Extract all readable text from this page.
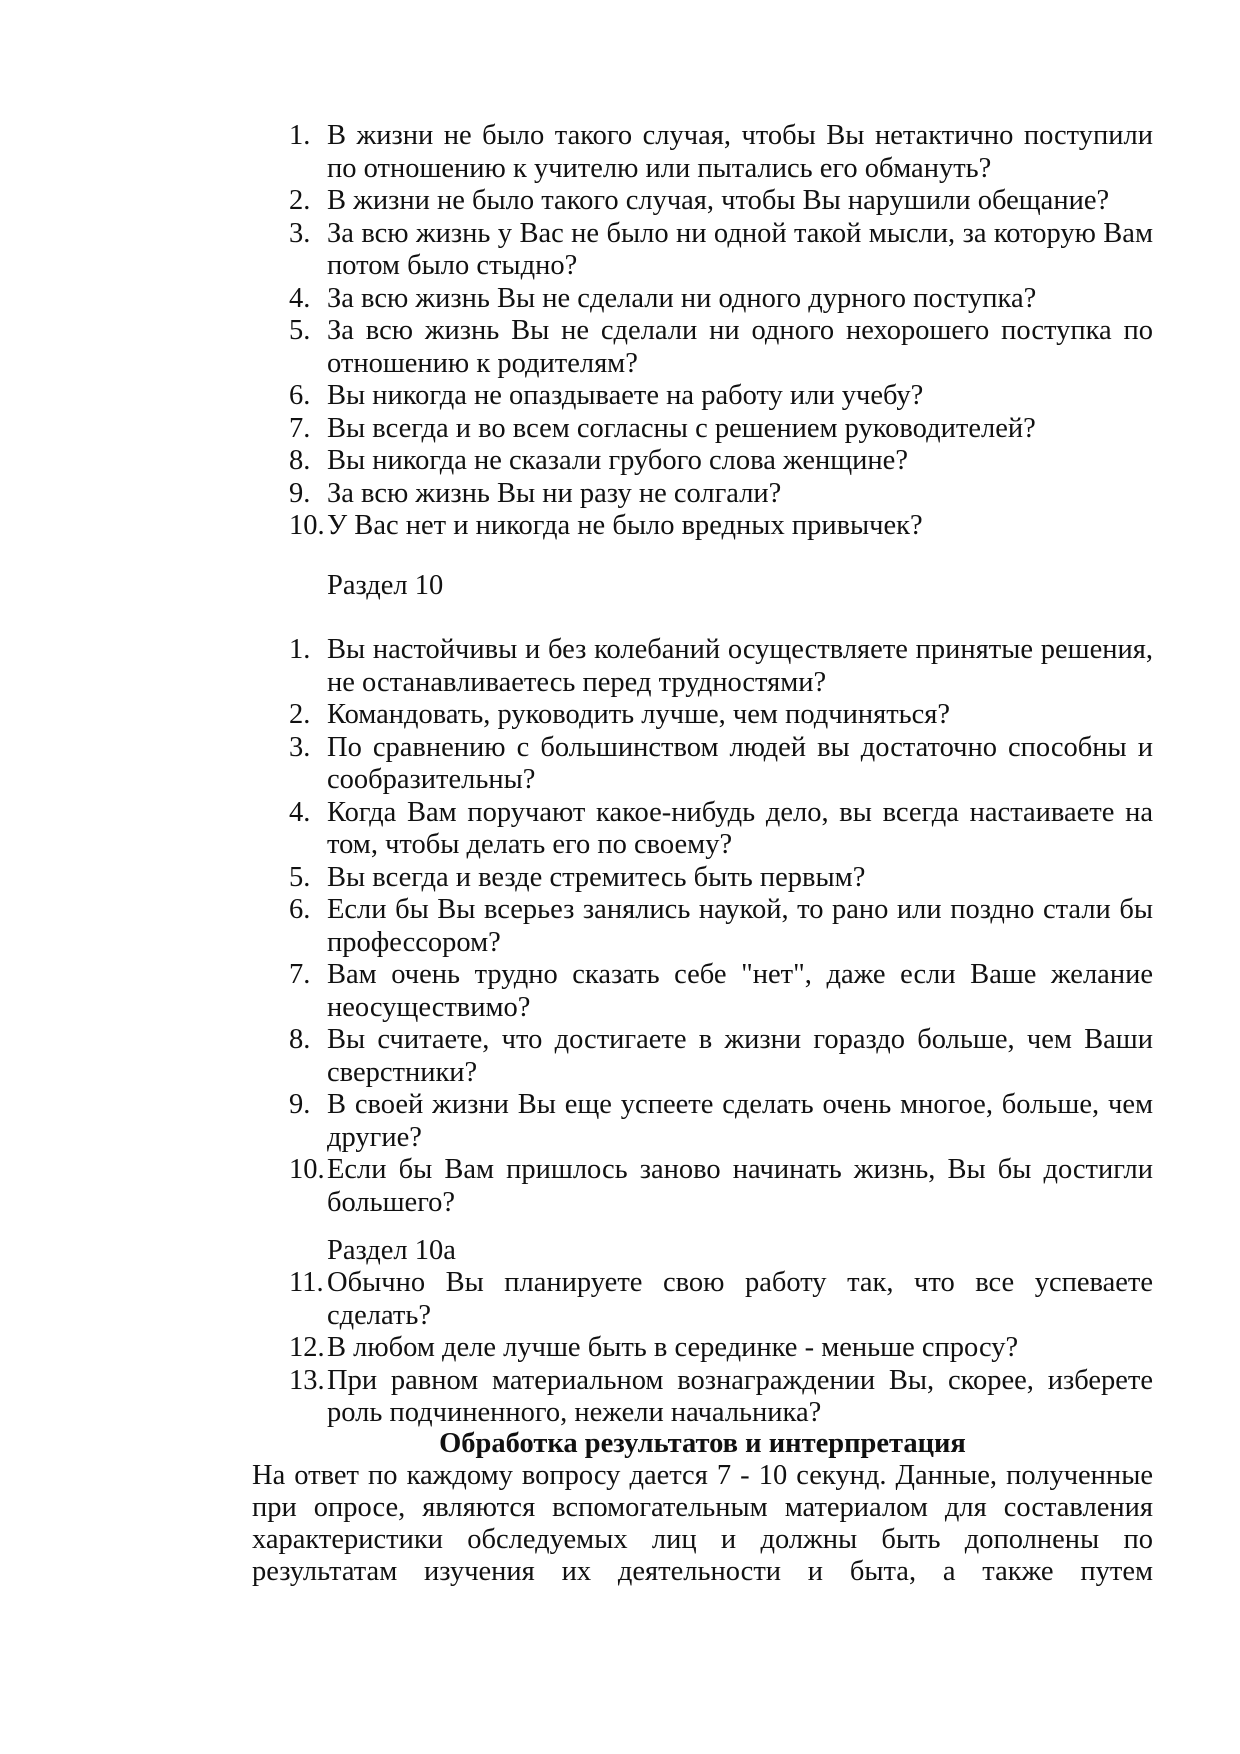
1. В жизни не было такого случая, чтобы Вы нетактично поступили по отношению к учителю или пытались его обмануть?
2. В жизни не было такого случая, чтобы Вы нарушили обещание?
3. За всю жизнь у Вас не было ни одной такой мысли, за которую Вам потом было стыдно?
4. За всю жизнь Вы не сделали ни одного дурного поступка?
5. За всю жизнь Вы не сделали ни одного нехорошего поступка по отношению к родителям?
6. Вы никогда не опаздываете на работу или учебу?
7. Вы всегда и во всем согласны с решением руководителей?
8. Вы никогда не сказали грубого слова женщине?
9. За всю жизнь Вы ни разу не солгали?
10. У Вас нет и никогда не было вредных привычек?
Раздел 10
1. Вы настойчивы и без колебаний осуществляете принятые решения, не останавливаетесь перед трудностями?
2. Командовать, руководить лучше, чем подчиняться?
3. По сравнению с большинством людей вы достаточно способны и сообразительны?
4. Когда Вам поручают какое-нибудь дело, вы всегда настаиваете на том, чтобы делать его по своему?
5. Вы всегда и везде стремитесь быть первым?
6. Если бы Вы всерьез занялись наукой, то рано или поздно стали бы профессором?
7. Вам очень трудно сказать себе "нет", даже если Ваше желание неосуществимо?
8. Вы считаете, что достигаете в жизни гораздо больше, чем Ваши сверстники?
9. В своей жизни Вы еще успеете сделать очень многое, больше, чем другие?
10. Если бы Вам пришлось заново начинать жизнь, Вы бы достигли большего?
Раздел 10а
11. Обычно Вы планируете свою работу так, что все успеваете сделать?
12. В любом деле лучше быть в серединке - меньше спросу?
13. При равном материальном вознаграждении Вы, скорее, изберете роль подчиненного, нежели начальника?
Обработка результатов и интерпретация
На ответ по каждому вопросу дается 7 - 10 секунд. Данные, полученные
при опросе, являются вспомогательным материалом для составления
характеристики обследуемых лиц и должны быть дополнены по
результатам изучения их деятельности и быта, а также путем
